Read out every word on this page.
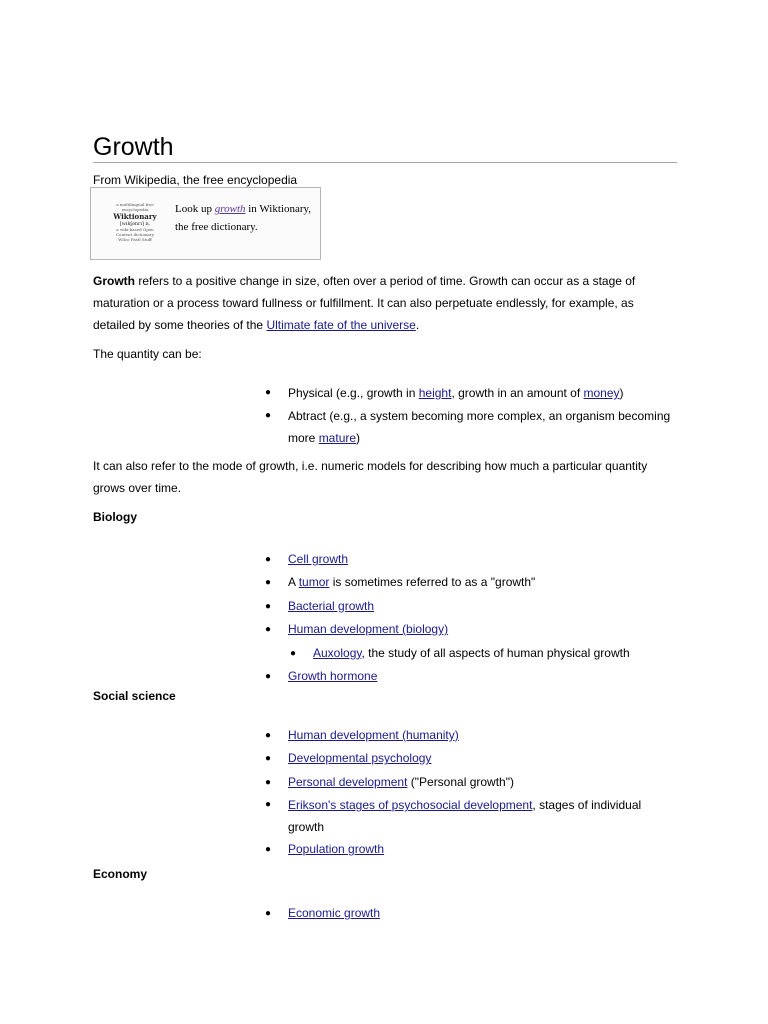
Growth
From Wikipedia, the free encyclopedia
a multilingual free encyclopedia
Wiktionary
[wɪkʃənrɪ] n.
a wiki-based Open Content dictionary
Wilco Fastl Stuff
Look up growth in Wiktionary, the free dictionary.

Growth refers to a positive change in size, often over a period of time. Growth can occur as a stage of maturation or a process toward fullness or fulfillment. It can also perpetuate endlessly, for example, as detailed by some theories of the Ultimate fate of the universe.

The quantity can be:

● Physical (e.g., growth in height, growth in an amount of money)
● Abtract (e.g., a system becoming more complex, an organism becoming more mature)

It can also refer to the mode of growth, i.e. numeric models for describing how much a particular quantity grows over time.

Biology
● Cell growth
● A tumor is sometimes referred to as a "growth"
● Bacterial growth
● Human development (biology)
● Auxology, the study of all aspects of human physical growth
● Growth hormone
Social science
● Human development (humanity)
● Developmental psychology
● Personal development ("Personal growth")
● Erikson's stages of psychosocial development, stages of individual growth
● Population growth
Economy
● Economic growth
